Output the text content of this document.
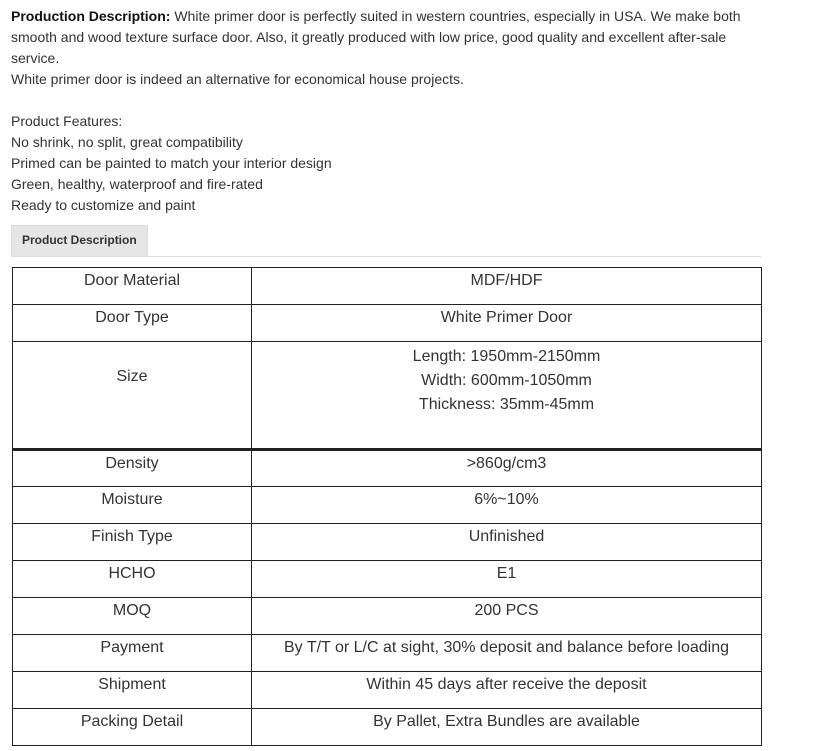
Production Description: White primer door is perfectly suited in western countries, especially in USA. We make both smooth and wood texture surface door. Also, it greatly produced with low price, good quality and excellent after-sale service.

White primer door is indeed an alternative for economical house projects.

Product Features:

No shrink, no split, great compatibility

Primed can be painted to match your interior design

Green, healthy, waterproof and fire-rated

Ready to customize and paint

Product Description
Door Material	MDF/HDF
Door Type	White Primer Door
Size	Length: 1950mm-2150mm
Width: 600mm-1050mm
Thickness: 35mm-45mm

Density	>860g/cm3
Moisture	6%~10%
Finish Type	Unfinished
HCHO	E1
MOQ	200 PCS
Payment	By T/T or L/C at sight, 30% deposit and balance before loading
Shipment	Within 45 days after receive the deposit
Packing Detail	By Pallet, Extra Bundles are available
